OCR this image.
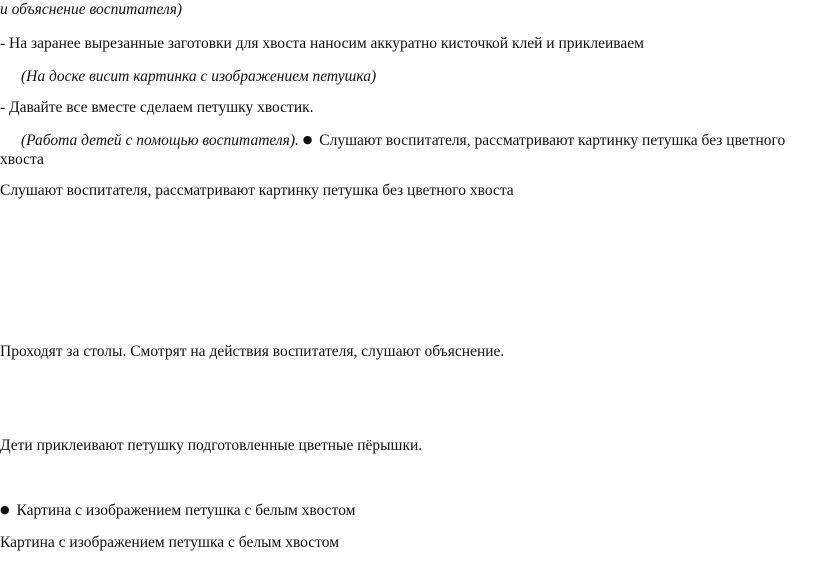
и объяснение воспитателя)
- На заранее вырезанные заготовки для хвоста наносим аккуратно кисточкой клей и приклеиваем
(На доске висит картинка с изображением петушка)
- Давайте все вместе сделаем петушку хвостик.
(Работа детей с помощью воспитателя). ● Слушают воспитателя, рассматривают картинку петушка без цветного
хвоста
Слушают воспитателя, рассматривают картинку петушка без цветного хвоста
Проходят за столы. Смотрят на действия воспитателя, слушают объяснение.
Дети приклеивают петушку подготовленные цветные пёрышки.
● Картина с изображением петушка с белым хвостом
Картина с изображением петушка с белым хвостом
